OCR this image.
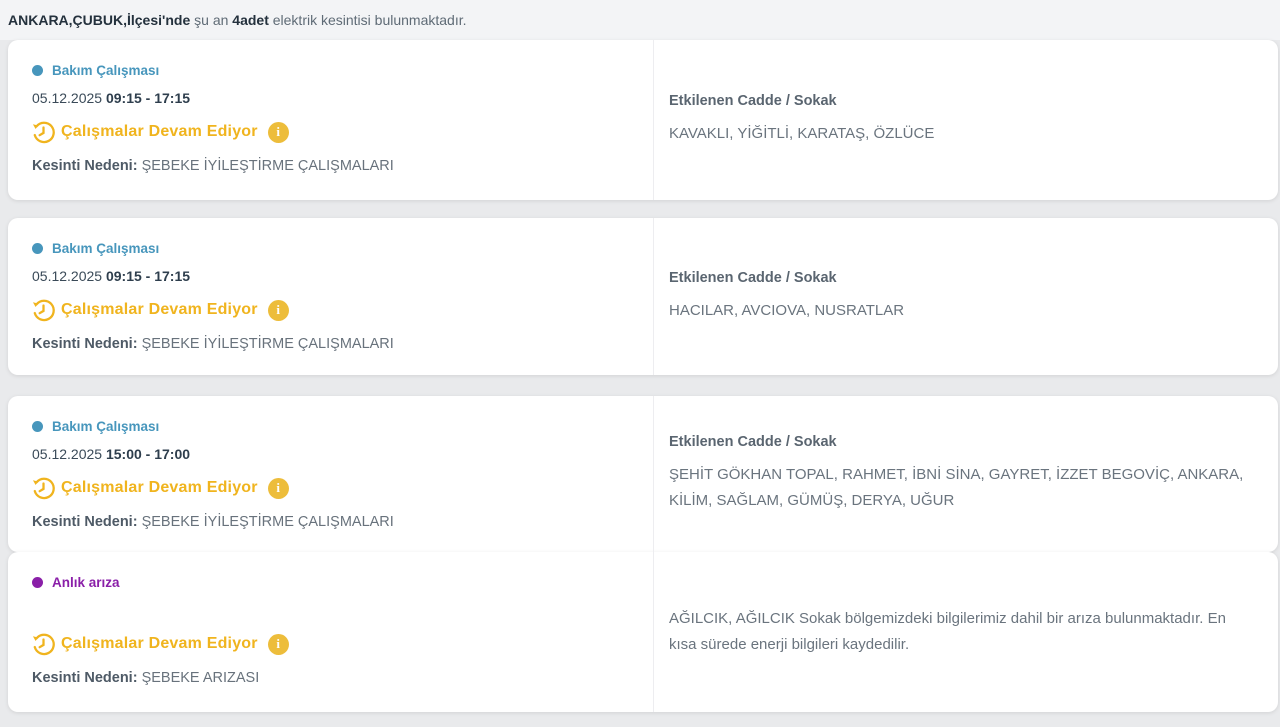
ANKARA,ÇUBUK,İlçesi'nde şu an 4adet elektrik kesintisi bulunmaktadır.
Bakım Çalışması
05.12.2025 09:15 - 17:15
Çalışmalar Devam Ediyor	i
Kesinti Nedeni: ŞEBEKE İYİLEŞTİRME ÇALIŞMALARI
Etkilenen Cadde / Sokak
KAVAKLI, YİĞİTLİ, KARATAŞ, ÖZLÜCE
Bakım Çalışması
05.12.2025 09:15 - 17:15
Çalışmalar Devam Ediyor	i
Kesinti Nedeni: ŞEBEKE İYİLEŞTİRME ÇALIŞMALARI
Etkilenen Cadde / Sokak
HACILAR, AVCIOVA, NUSRATLAR
Bakım Çalışması
05.12.2025 15:00 - 17:00
Çalışmalar Devam Ediyor	i
Kesinti Nedeni: ŞEBEKE İYİLEŞTİRME ÇALIŞMALARI
Etkilenen Cadde / Sokak
ŞEHİT GÖKHAN TOPAL, RAHMET, İBNİ SİNA, GAYRET, İZZET BEGOVİÇ, ANKARA, KİLİM, SAĞLAM, GÜMÜŞ, DERYA, UĞUR
Anlık arıza
Çalışmalar Devam Ediyor	i
Kesinti Nedeni: ŞEBEKE ARIZASI
AĞILCIK, AĞILCIK Sokak bölgemizdeki bilgilerimiz dahil bir arıza bulunmaktadır. En kısa sürede enerji bilgileri kaydedilir.
